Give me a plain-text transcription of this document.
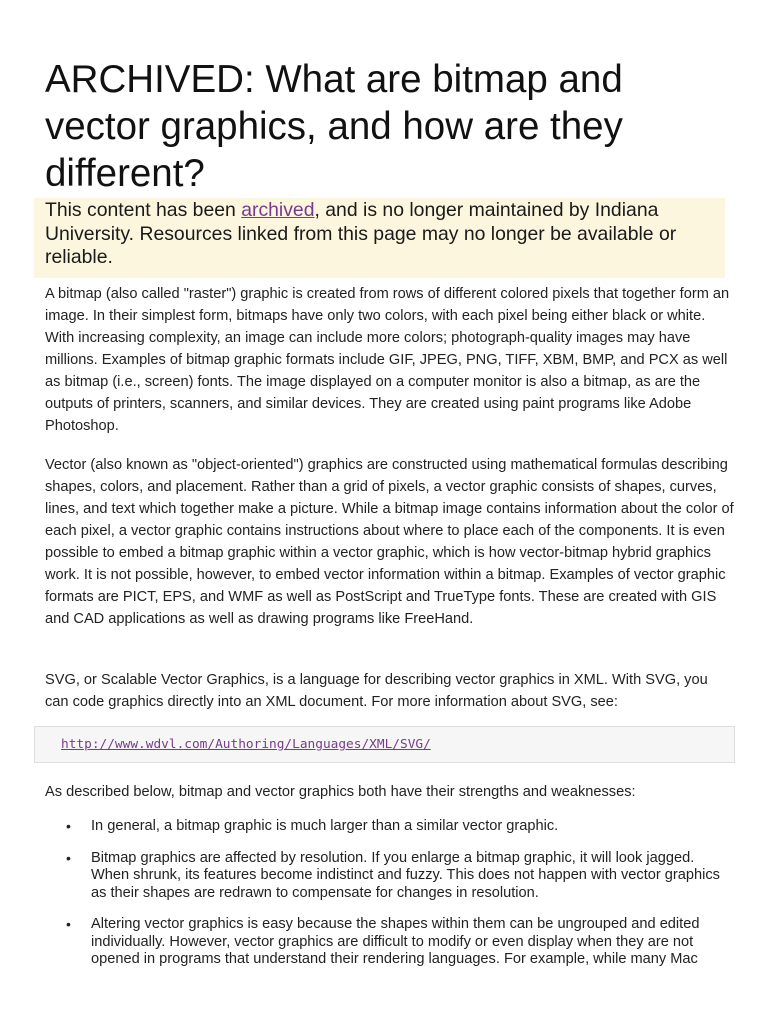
ARCHIVED: What are bitmap and vector graphics, and how are they different?
This content has been archived, and is no longer maintained by Indiana University. Resources linked from this page may no longer be available or reliable.

A bitmap (also called "raster") graphic is created from rows of different colored pixels that together form an image. In their simplest form, bitmaps have only two colors, with each pixel being either black or white. With increasing complexity, an image can include more colors; photograph-quality images may have millions. Examples of bitmap graphic formats include GIF, JPEG, PNG, TIFF, XBM, BMP, and PCX as well as bitmap (i.e., screen) fonts. The image displayed on a computer monitor is also a bitmap, as are the outputs of printers, scanners, and similar devices. They are created using paint programs like Adobe Photoshop.

Vector (also known as "object-oriented") graphics are constructed using mathematical formulas describing shapes, colors, and placement. Rather than a grid of pixels, a vector graphic consists of shapes, curves, lines, and text which together make a picture. While a bitmap image contains information about the color of each pixel, a vector graphic contains instructions about where to place each of the components. It is even possible to embed a bitmap graphic within a vector graphic, which is how vector-bitmap hybrid graphics work. It is not possible, however, to embed vector information within a bitmap. Examples of vector graphic formats are PICT, EPS, and WMF as well as PostScript and TrueType fonts. These are created with GIS and CAD applications as well as drawing programs like FreeHand.

SVG, or Scalable Vector Graphics, is a language for describing vector graphics in XML. With SVG, you can code graphics directly into an XML document. For more information about SVG, see:

http://www.wdvl.com/Authoring/Languages/XML/SVG/

As described below, bitmap and vector graphics both have their strengths and weaknesses:

• In general, a bitmap graphic is much larger than a similar vector graphic.
• Bitmap graphics are affected by resolution. If you enlarge a bitmap graphic, it will look jagged. When shrunk, its features become indistinct and fuzzy. This does not happen with vector graphics as their shapes are redrawn to compensate for changes in resolution.
• Altering vector graphics is easy because the shapes within them can be ungrouped and edited individually. However, vector graphics are difficult to modify or even display when they are not opened in programs that understand their rendering languages. For example, while many Mac
